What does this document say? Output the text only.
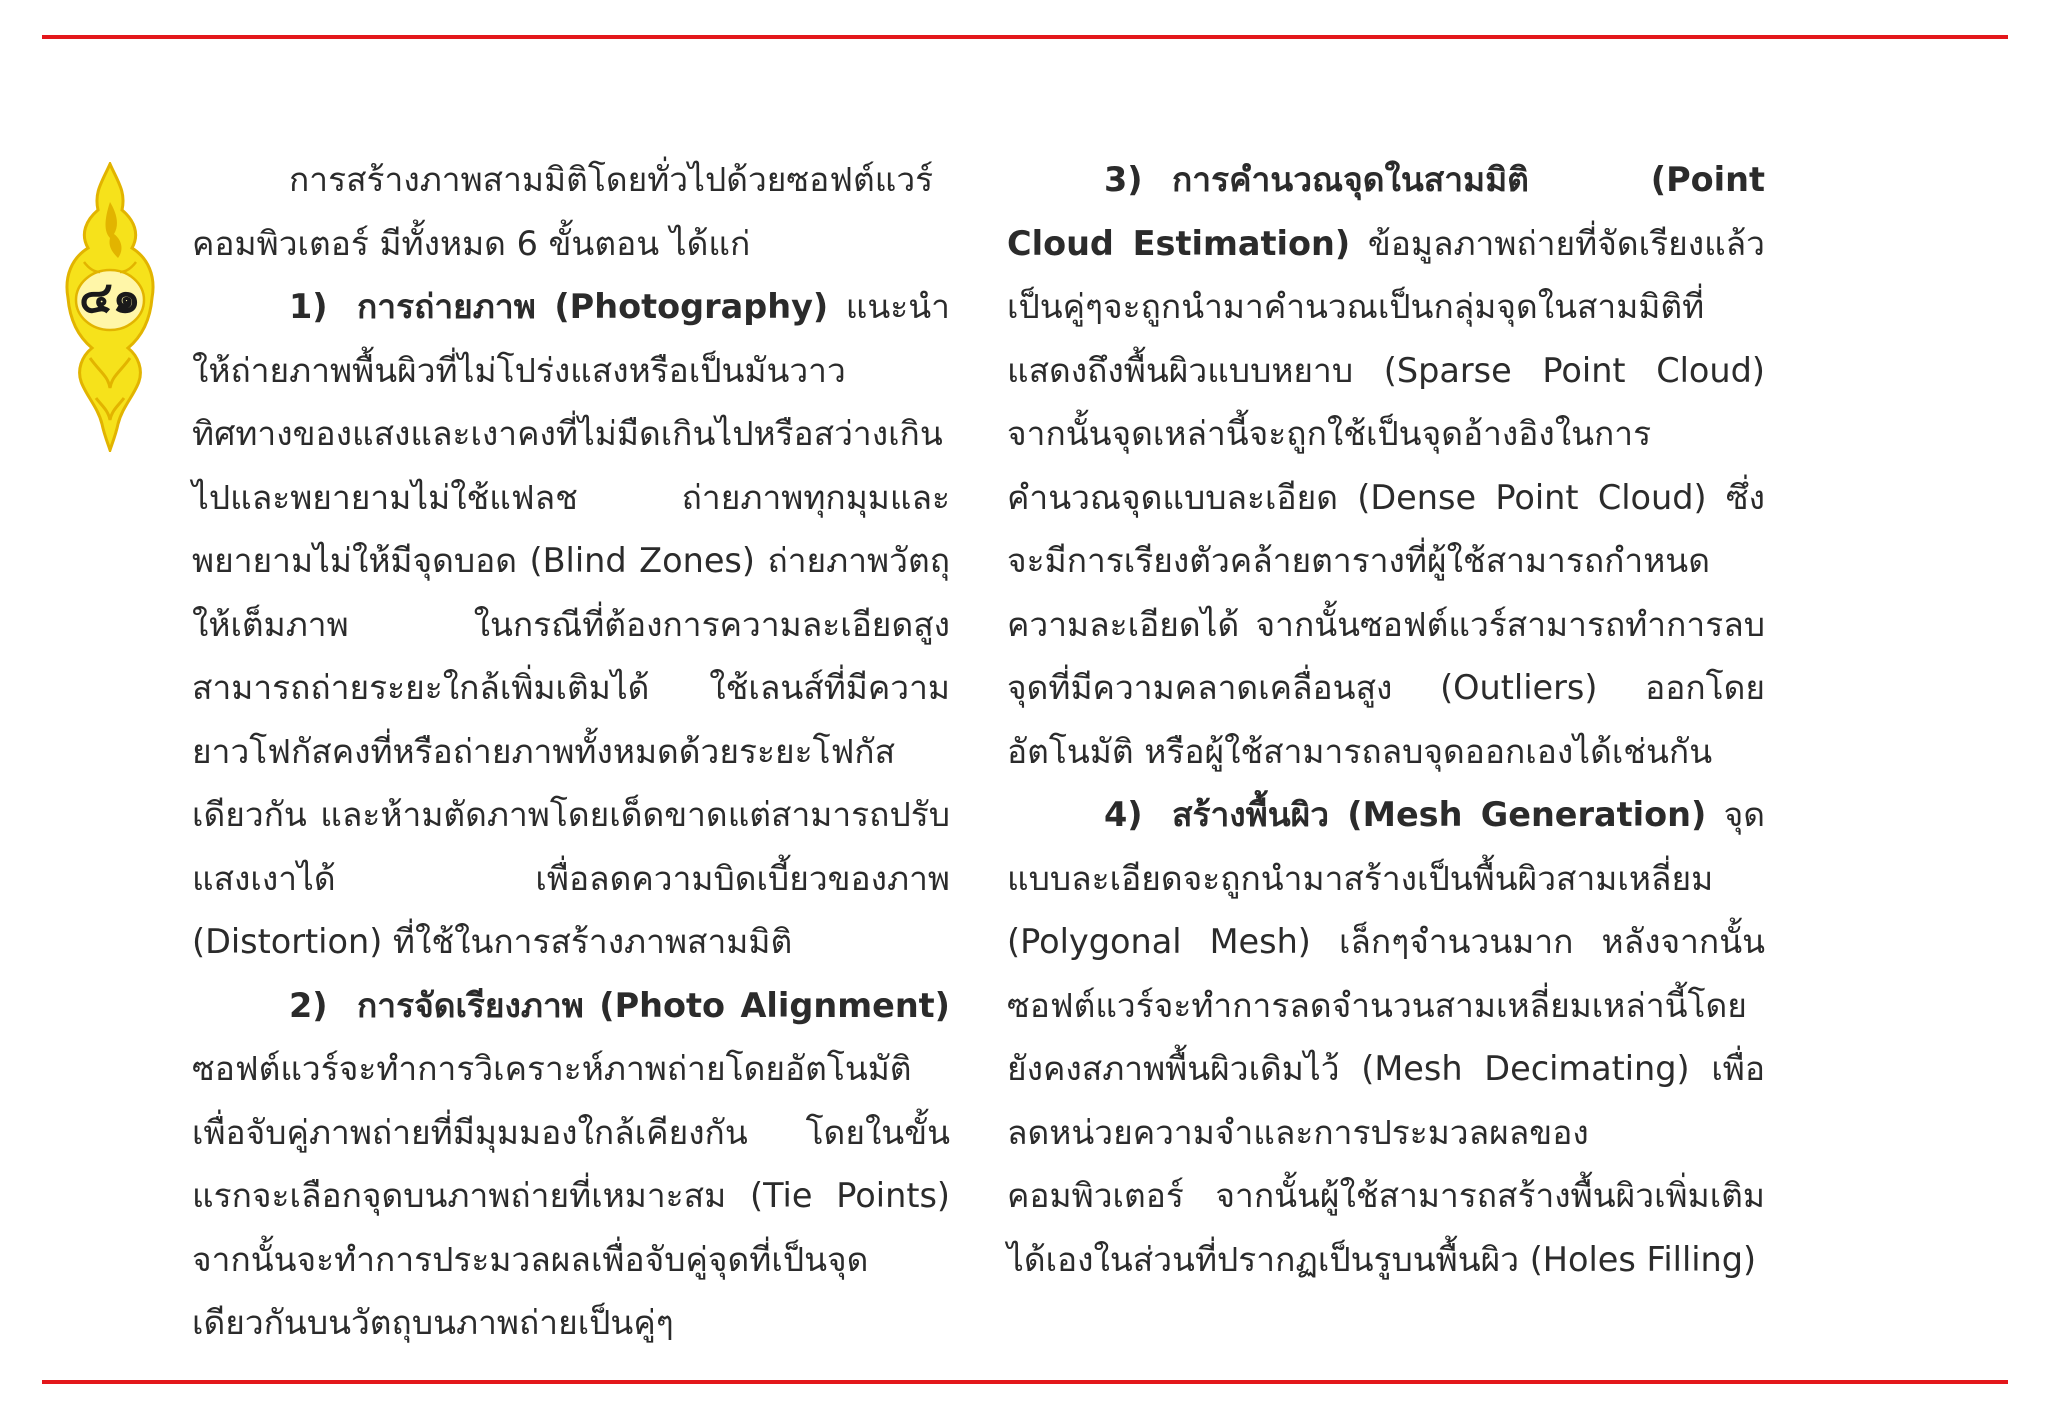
๔๑

การสร้างภาพสามมิติโดยทั่วไปด้วยซอฟต์แวร์คอมพิวเตอร์ มีทั้งหมด 6 ขั้นตอน ได้แก่

1) การถ่ายภาพ (Photography) แนะนำให้ถ่ายภาพพื้นผิวที่ไม่โปร่งแสงหรือเป็นมันวาว ทิศทางของแสงและเงาคงที่ไม่มืดเกินไปหรือสว่างเกินไปและพยายามไม่ใช้แฟลช ถ่ายภาพทุกมุมและพยายามไม่ให้มีจุดบอด (Blind Zones) ถ่ายภาพวัตถุให้เต็มภาพ ในกรณีที่ต้องการความละเอียดสูงสามารถถ่ายระยะใกล้เพิ่มเติมได้ ใช้เลนส์ที่มีความยาวโฟกัสคงที่หรือถ่ายภาพทั้งหมดด้วยระยะโฟกัสเดียวกัน และห้ามตัดภาพโดยเด็ดขาดแต่สามารถปรับแสงเงาได้ เพื่อลดความบิดเบี้ยวของภาพ (Distortion) ที่ใช้ในการสร้างภาพสามมิติ

2) การจัดเรียงภาพ (Photo Alignment) ซอฟต์แวร์จะทำการวิเคราะห์ภาพถ่ายโดยอัตโนมัติเพื่อจับคู่ภาพถ่ายที่มีมุมมองใกล้เคียงกัน โดยในขั้นแรกจะเลือกจุดบนภาพถ่ายที่เหมาะสม (Tie Points) จากนั้นจะทำการประมวลผลเพื่อจับคู่จุดที่เป็นจุดเดียวกันบนวัตถุบนภาพถ่ายเป็นคู่ๆ

3) การคำนวณจุดในสามมิติ (Point Cloud Estimation) ข้อมูลภาพถ่ายที่จัดเรียงแล้วเป็นคู่ๆจะถูกนำมาคำนวณเป็นกลุ่มจุดในสามมิติที่แสดงถึงพื้นผิวแบบหยาบ (Sparse Point Cloud) จากนั้นจุดเหล่านี้จะถูกใช้เป็นจุดอ้างอิงในการคำนวณจุดแบบละเอียด (Dense Point Cloud) ซึ่งจะมีการเรียงตัวคล้ายตารางที่ผู้ใช้สามารถกำหนดความละเอียดได้ จากนั้นซอฟต์แวร์สามารถทำการลบจุดที่มีความคลาดเคลื่อนสูง (Outliers) ออกโดยอัตโนมัติ หรือผู้ใช้สามารถลบจุดออกเองได้เช่นกัน

4) สร้างพื้นผิว (Mesh Generation) จุดแบบละเอียดจะถูกนำมาสร้างเป็นพื้นผิวสามเหลี่ยม (Polygonal Mesh) เล็กๆจำนวนมาก หลังจากนั้นซอฟต์แวร์จะทำการลดจำนวนสามเหลี่ยมเหล่านี้โดยยังคงสภาพพื้นผิวเดิมไว้ (Mesh Decimating) เพื่อลดหน่วยความจำและการประมวลผลของคอมพิวเตอร์ จากนั้นผู้ใช้สามารถสร้างพื้นผิวเพิ่มเติมได้เองในส่วนที่ปรากฏเป็นรูบนพื้นผิว (Holes Filling)
